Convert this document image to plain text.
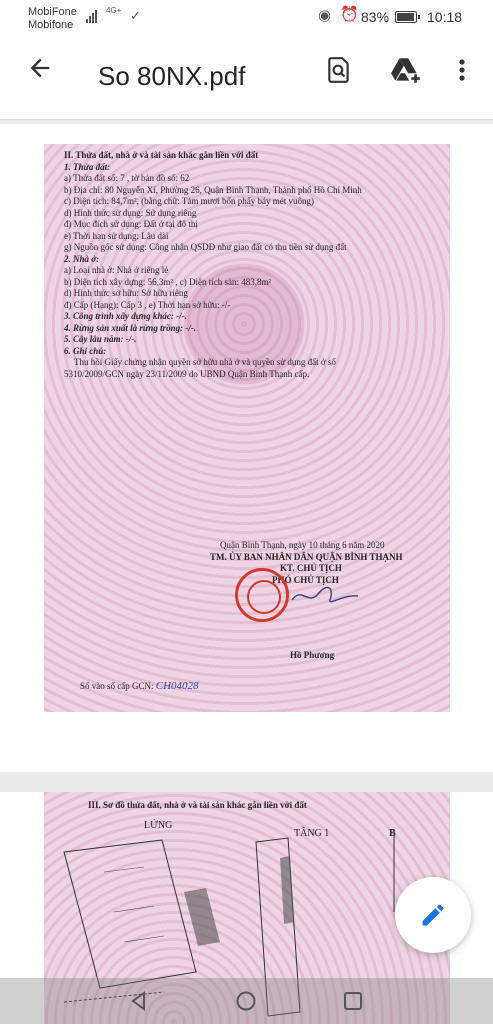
MobiFone
Mobifone
4G+ ✓	◉ ⏰ 83%	10:18
So 80NX.pdf
II. Thửa đất, nhà ở và tài sản khác gắn liền với đất
1. Thửa đất:
a) Thửa đất số: 7 , tờ bản đồ số: 62
b) Địa chỉ: 80 Nguyễn Xí, Phường 26, Quận Bình Thạnh, Thành phố Hồ Chí Minh
c) Diện tích: 84,7m², (bằng chữ: Tám mươi bốn phẩy bảy mét vuông)
d) Hình thức sử dụng: Sử dụng riêng
đ) Mục đích sử dụng: Đất ở tại đô thị
e) Thời hạn sử dụng: Lâu dài
g) Nguồn gốc sử dụng: Công nhận QSDĐ như giao đất có thu tiền sử dụng đất
2. Nhà ở:
a) Loại nhà ở: Nhà ở riêng lẻ
b) Diện tích xây dựng: 56,3m² , c) Diện tích sàn: 483,8m²
d) Hình thức sở hữu: Sở hữu riêng
đ) Cấp (Hạng): Cấp 3 , e) Thời hạn sở hữu: -/-
3. Công trình xây dựng khác: -/-.
4. Rừng sản xuất là rừng trồng: -/-.
5. Cây lâu năm: -/-.
6. Ghi chú:
Thu hồi Giấy chứng nhận quyền sở hữu nhà ở và quyền sử dụng đất ở số
5310/2009/GCN ngày 23/11/2009 do UBND Quận Bình Thạnh cấp.
Quận Bình Thạnh, ngày 10 tháng 6 năm 2020
TM. ỦY BAN NHÂN DÂN QUẬN BÌNH THẠNH
KT. CHỦ TỊCH
PHÓ CHỦ TỊCH
Hồ Phương
Số vào sổ cấp GCN: CH04028
III. Sơ đồ thửa đất, nhà ở và tài sản khác gắn liền với đất
LỬNG
TẦNG 1	B
